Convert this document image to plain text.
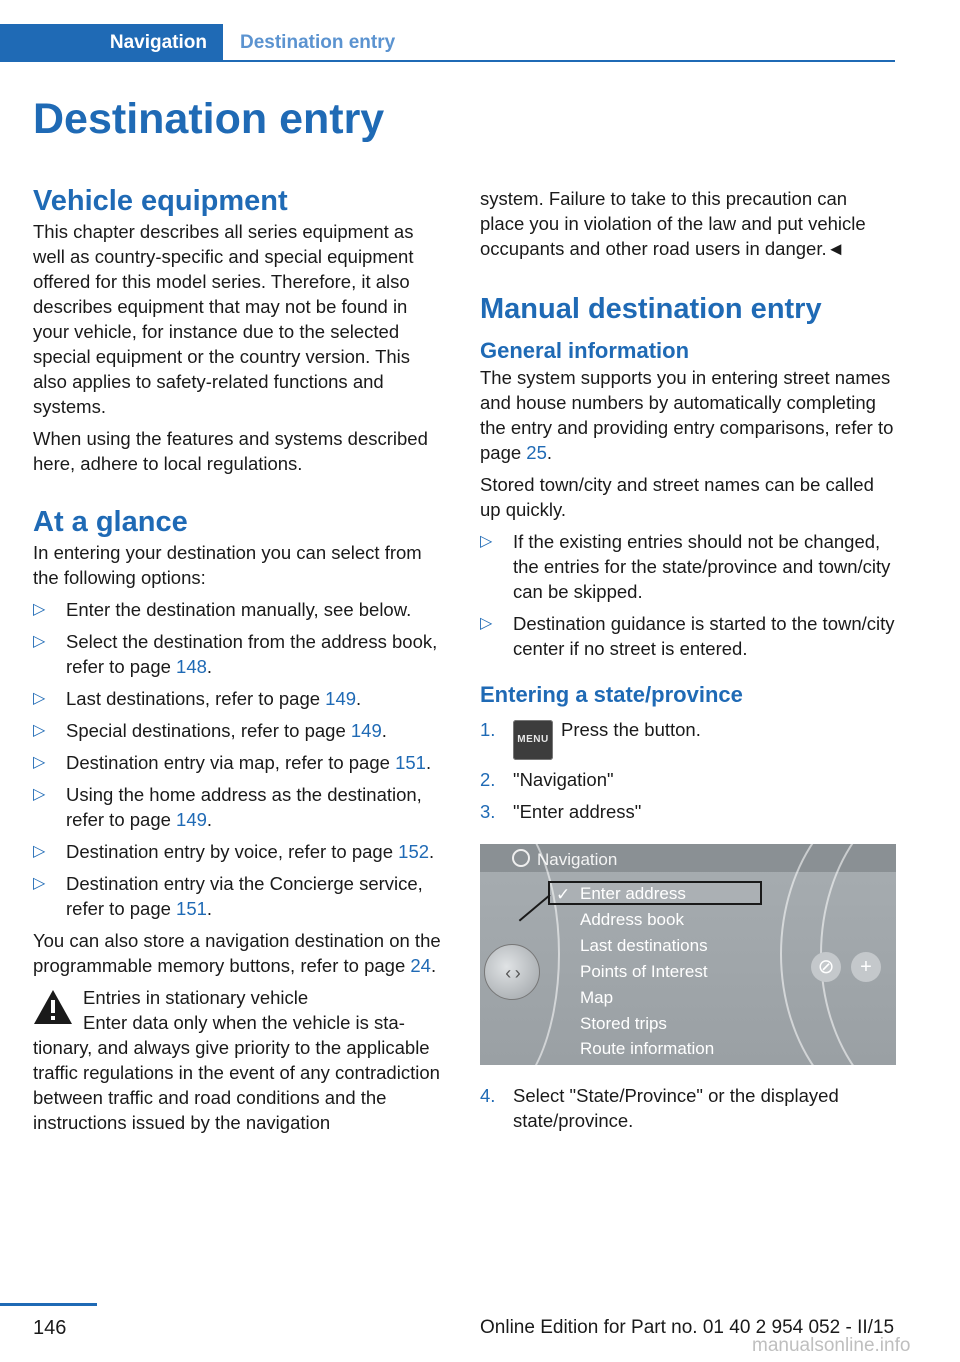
Navigation	Destination entry
Destination entry
Vehicle equipment

This chapter describes all series equipment as well as country-specific and special equipment offered for this model series. Therefore, it also describes equipment that may not be found in your vehicle, for instance due to the selected special equipment or the country version. This also applies to safety-related functions and systems.

When using the features and systems described here, adhere to local regulations.

At a glance

In entering your destination you can select from the following options:

▷ Enter the destination manually, see below.
▷ Select the destination from the address book, refer to page 148.
▷ Last destinations, refer to page 149.
▷ Special destinations, refer to page 149.
▷ Destination entry via map, refer to page 151.
▷ Using the home address as the destination, refer to page 149.
▷ Destination entry by voice, refer to page 152.
▷ Destination entry via the Concierge service, refer to page 151.

You can also store a navigation destination on the programmable memory buttons, refer to page 24.

Entries in stationary vehicle

Enter data only when the vehicle is stationary, and always give priority to the applicable traffic regulations in the event of any contradiction between traffic and road conditions and the instructions issued by the navigation

system. Failure to take to this precaution can place you in violation of the law and put vehicle occupants and other road users in danger.◄

Manual destination entry
General information

The system supports you in entering street names and house numbers by automatically completing the entry and providing entry comparisons, refer to page 25.

Stored town/city and street names can be called up quickly.

▷ If the existing entries should not be changed, the entries for the state/province and town/city can be skipped.
▷ Destination guidance is started to the town/city center if no street is entered.
Entering a state/province
1. MENU Press the button.
2. "Navigation"
3. "Enter address"
Navigation
✓ Enter address
Address book
Last destinations
Points of Interest
Map
Stored trips
Route information
‹ ›
⊘	+
4. Select "State/Province" or the displayed state/province.
146	Online Edition for Part no. 01 40 2 954 052 - II/15
manualsonline.info
